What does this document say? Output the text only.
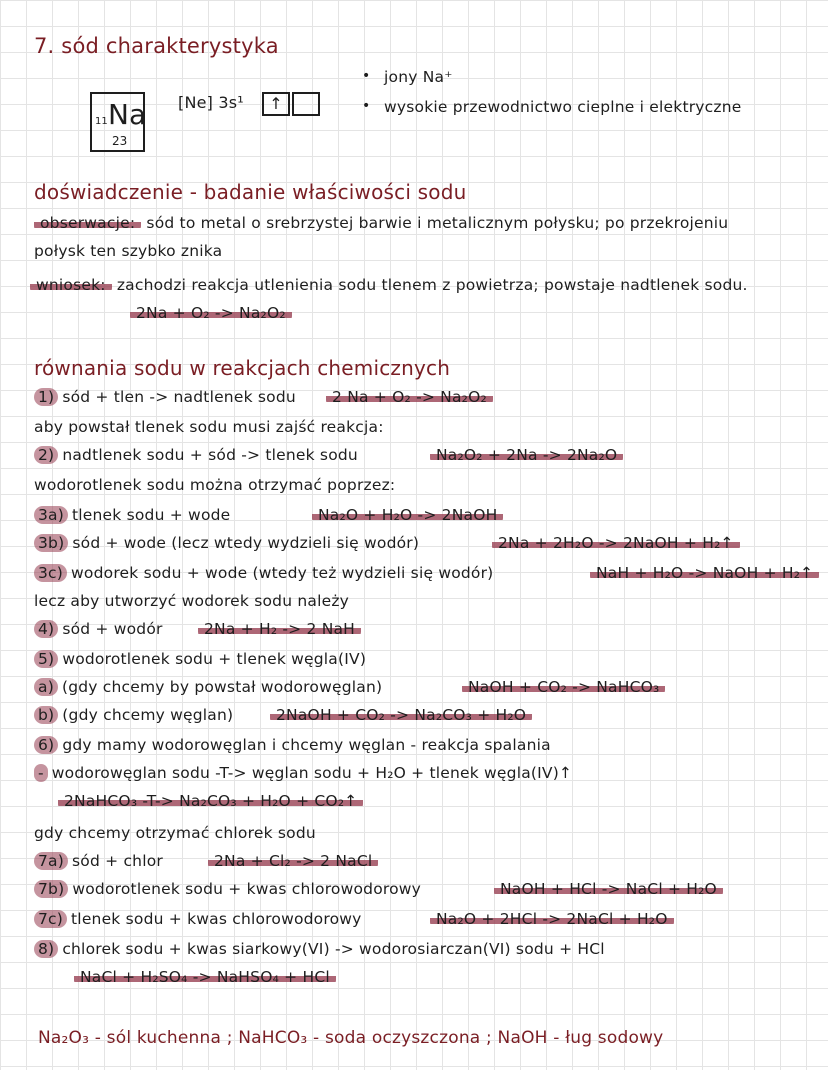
7. sód charakterystyka
11 Na
23
[Ne] 3s¹	↑
• jony Na⁺
• wysokie przewodnictwo cieplne i elektryczne
doświadczenie - badanie właściwości sodu
obserwacje: sód to metal o srebrzystej barwie i metalicznym połysku; po przekrojeniu
połysk ten szybko znika
wniosek: zachodzi reakcja utlenienia sodu tlenem z powietrza; powstaje nadtlenek sodu.
2Na + O₂ -> Na₂O₂
równania sodu w reakcjach chemicznych
1) sód + tlen -> nadtlenek sodu	2 Na + O₂ -> Na₂O₂
aby powstał tlenek sodu musi zajść reakcja:
2) nadtlenek sodu + sód -> tlenek sodu	Na₂O₂ + 2Na -> 2Na₂O
wodorotlenek sodu można otrzymać poprzez:
3a) tlenek sodu + wode	Na₂O + H₂O -> 2NaOH
3b) sód + wode (lecz wtedy wydzieli się wodór)	2Na + 2H₂O -> 2NaOH + H₂↑
3c) wodorek sodu + wode (wtedy też wydzieli się wodór)	NaH + H₂O -> NaOH + H₂↑
lecz aby utworzyć wodorek sodu należy
4) sód + wodór	2Na + H₂ -> 2 NaH
5) wodorotlenek sodu + tlenek węgla(IV)
a) (gdy chcemy by powstał wodorowęglan)	NaOH + CO₂ -> NaHCO₃
b) (gdy chcemy węglan)	2NaOH + CO₂ -> Na₂CO₃ + H₂O
6) gdy mamy wodorowęglan i chcemy węglan - reakcja spalania
- wodorowęglan sodu -T-> węglan sodu + H₂O + tlenek węgla(IV)↑
2NaHCO₃ -T-> Na₂CO₃ + H₂O + CO₂↑
gdy chcemy otrzymać chlorek sodu
7a) sód + chlor	2Na + Cl₂ -> 2 NaCl
7b) wodorotlenek sodu + kwas chlorowodorowy	NaOH + HCl -> NaCl + H₂O
7c) tlenek sodu + kwas chlorowodorowy	Na₂O + 2HCl -> 2NaCl + H₂O
8) chlorek sodu + kwas siarkowy(VI) -> wodorosiarczan(VI) sodu + HCl
NaCl + H₂SO₄ -> NaHSO₄ + HCl
Na₂O₃ - sól kuchenna ; NaHCO₃ - soda oczyszczona ; NaOH - ług sodowy
